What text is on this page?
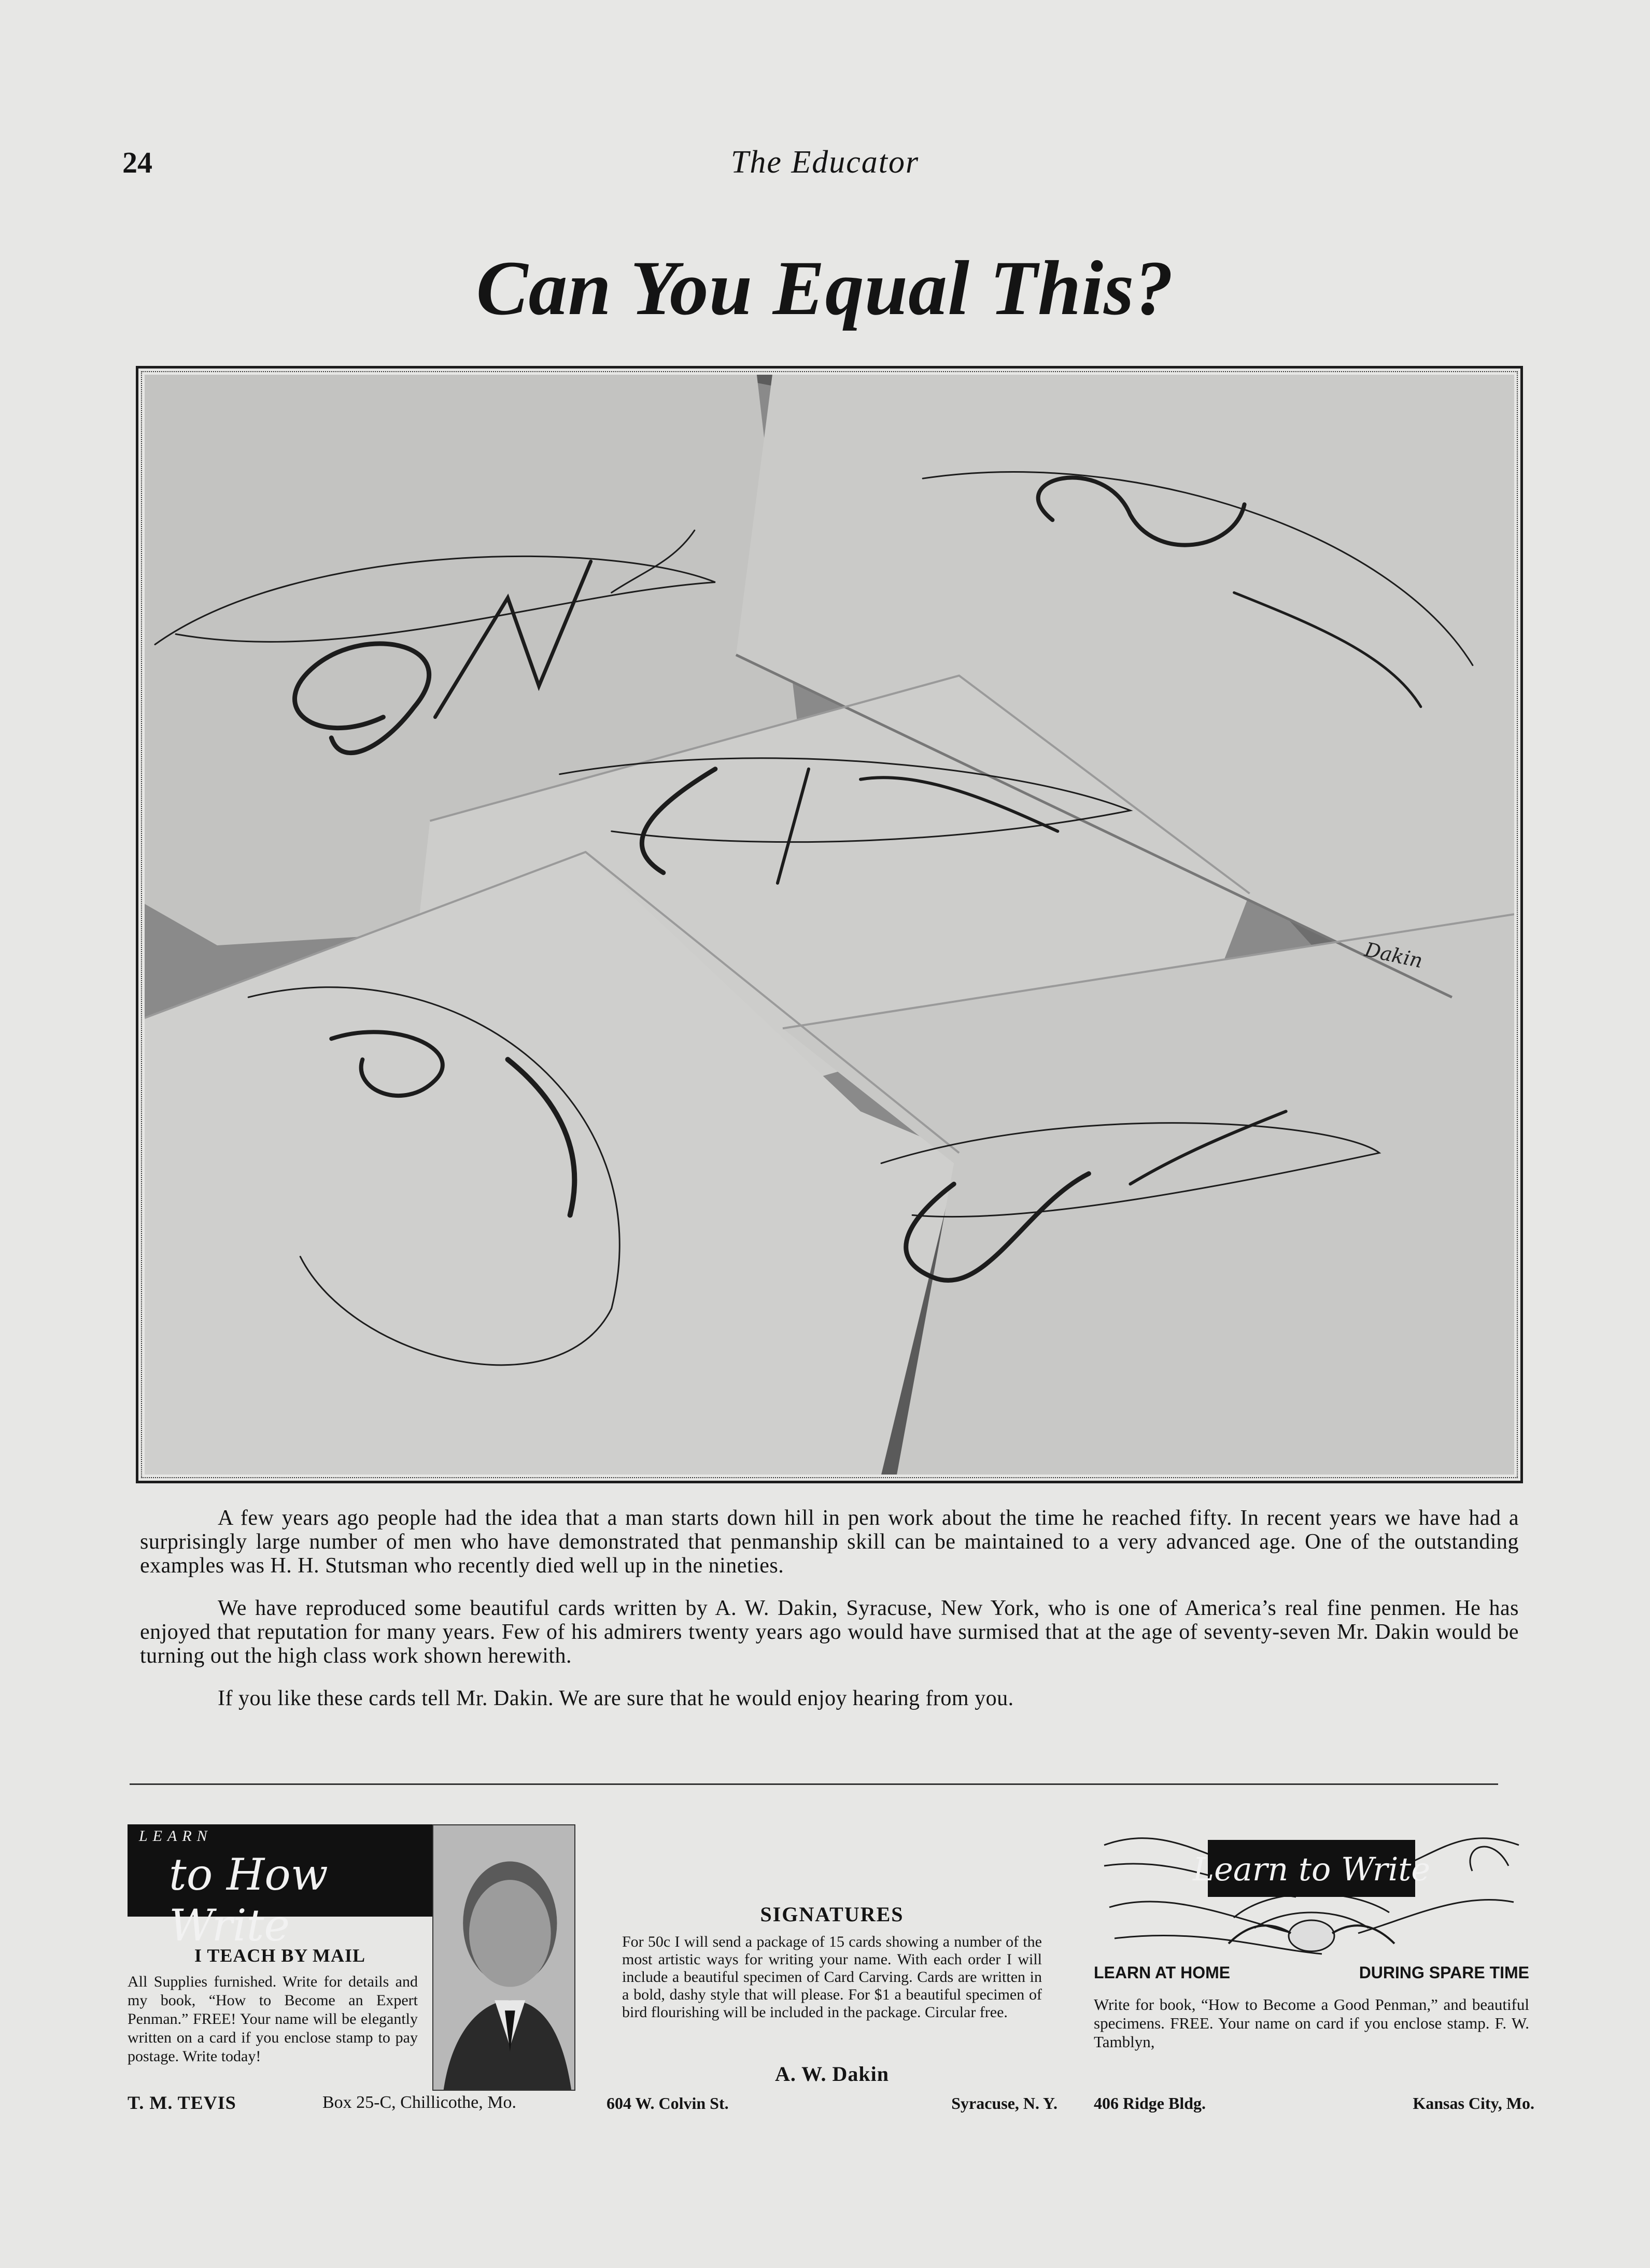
24	The Educator
Can You Equal This?
Dakin

A few years ago people had the idea that a man starts down hill in pen work about the time he reached fifty. In recent years we have had a surprisingly large number of men who have demonstrated that penmanship skill can be maintained to a very advanced age. One of the outstanding examples was H. H. Stutsman who recently died well up in the nineties.

We have reproduced some beautiful cards written by A. W. Dakin, Syracuse, New York, who is one of America’s real fine penmen. He has enjoyed that reputation for many years. Few of his admirers twenty years ago would have surmised that at the age of seventy-seven Mr. Dakin would be turning out the high class work shown herewith.

If you like these cards tell Mr. Dakin. We are sure that he would enjoy hearing from you.

LEARN
to How Write
I TEACH BY MAIL
All Supplies furnished. Write for details and my book, “How to Become an Expert Penman.” FREE! Your name will be elegantly written on a card if you enclose stamp to pay postage. Write today!
T. M. TEVIS	Box 25-C, Chillicothe, Mo.
SIGNATURES
For 50c I will send a package of 15 cards showing a number of the most artistic ways for writing your name. With each order I will include a beautiful specimen of Card Carving. Cards are written in a bold, dashy style that will please. For $1 a beautiful specimen of bird flourishing will be included in the package. Circular free.
A. W. Dakin
604 W. Colvin St.	Syracuse, N. Y.
Learn to Write
LEARN AT HOME	DURING SPARE TIME
Write for book, “How to Become a Good Penman,” and beautiful specimens. FREE. Your name on card if you enclose stamp. F. W. Tamblyn,
406 Ridge Bldg.	Kansas City, Mo.
